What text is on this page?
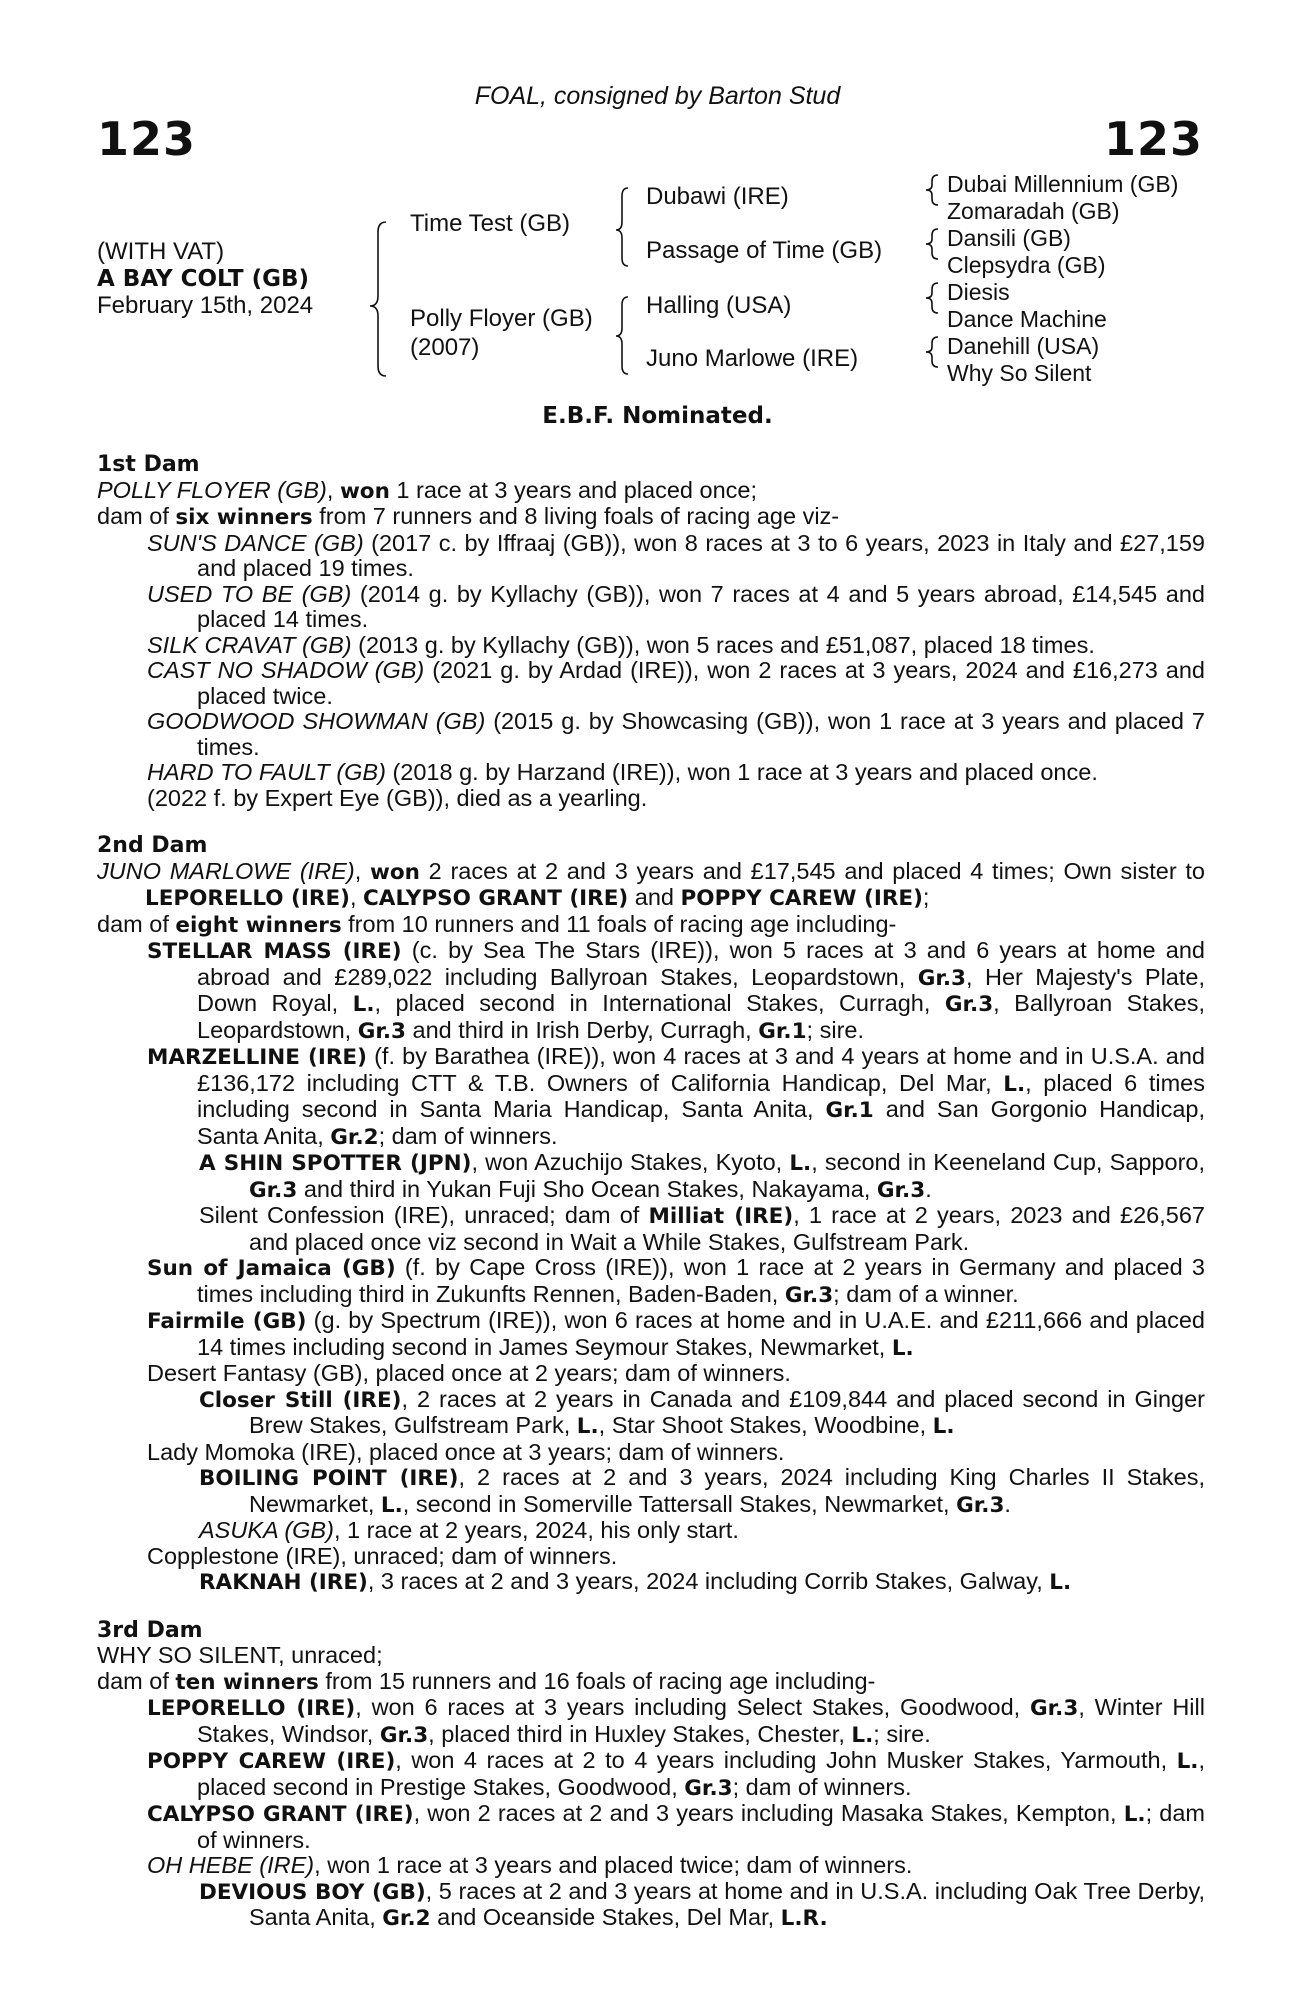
FOAL, consigned by Barton Stud
123	123
(WITH VAT)
A BAY COLT (GB)
February 15th, 2024
Time Test (GB)
Polly Floyer (GB)
(2007)
Dubawi (IRE)
Passage of Time (GB)
Halling (USA)
Juno Marlowe (IRE)
Dubai Millennium (GB)
Zomaradah (GB)
Dansili (GB)
Clepsydra (GB)
Diesis
Dance Machine
Danehill (USA)
Why So Silent
E.B.F. Nominated.
1st Dam
POLLY FLOYER (GB), won 1 race at 3 years and placed once;
dam of six winners from 7 runners and 8 living foals of racing age viz-
SUN'S DANCE (GB) (2017 c. by Iffraaj (GB)), won 8 races at 3 to 6 years, 2023 in Italy and £27,159 and placed 19 times.
USED TO BE (GB) (2014 g. by Kyllachy (GB)), won 7 races at 4 and 5 years abroad, £14,545 and placed 14 times.
SILK CRAVAT (GB) (2013 g. by Kyllachy (GB)), won 5 races and £51,087, placed 18 times.
CAST NO SHADOW (GB) (2021 g. by Ardad (IRE)), won 2 races at 3 years, 2024 and £16,273 and placed twice.
GOODWOOD SHOWMAN (GB) (2015 g. by Showcasing (GB)), won 1 race at 3 years and placed 7 times.
HARD TO FAULT (GB) (2018 g. by Harzand (IRE)), won 1 race at 3 years and placed once.
(2022 f. by Expert Eye (GB)), died as a yearling.
2nd Dam
JUNO MARLOWE (IRE), won 2 races at 2 and 3 years and £17,545 and placed 4 times; Own sister to LEPORELLO (IRE), CALYPSO GRANT (IRE) and POPPY CAREW (IRE);
dam of eight winners from 10 runners and 11 foals of racing age including-
STELLAR MASS (IRE) (c. by Sea The Stars (IRE)), won 5 races at 3 and 6 years at home and abroad and £289,022 including Ballyroan Stakes, Leopardstown, Gr.3, Her Majesty's Plate, Down Royal, L., placed second in International Stakes, Curragh, Gr.3, Ballyroan Stakes, Leopardstown, Gr.3 and third in Irish Derby, Curragh, Gr.1; sire.
MARZELLINE (IRE) (f. by Barathea (IRE)), won 4 races at 3 and 4 years at home and in U.S.A. and £136,172 including CTT & T.B. Owners of California Handicap, Del Mar, L., placed 6 times including second in Santa Maria Handicap, Santa Anita, Gr.1 and San Gorgonio Handicap, Santa Anita, Gr.2; dam of winners.
A SHIN SPOTTER (JPN), won Azuchijo Stakes, Kyoto, L., second in Keeneland Cup, Sapporo, Gr.3 and third in Yukan Fuji Sho Ocean Stakes, Nakayama, Gr.3.
Silent Confession (IRE), unraced; dam of Milliat (IRE), 1 race at 2 years, 2023 and £26,567 and placed once viz second in Wait a While Stakes, Gulfstream Park.
Sun of Jamaica (GB) (f. by Cape Cross (IRE)), won 1 race at 2 years in Germany and placed 3 times including third in Zukunfts Rennen, Baden-Baden, Gr.3; dam of a winner.
Fairmile (GB) (g. by Spectrum (IRE)), won 6 races at home and in U.A.E. and £211,666 and placed 14 times including second in James Seymour Stakes, Newmarket, L.
Desert Fantasy (GB), placed once at 2 years; dam of winners.
Closer Still (IRE), 2 races at 2 years in Canada and £109,844 and placed second in Ginger Brew Stakes, Gulfstream Park, L., Star Shoot Stakes, Woodbine, L.
Lady Momoka (IRE), placed once at 3 years; dam of winners.
BOILING POINT (IRE), 2 races at 2 and 3 years, 2024 including King Charles II Stakes, Newmarket, L., second in Somerville Tattersall Stakes, Newmarket, Gr.3.
ASUKA (GB), 1 race at 2 years, 2024, his only start.
Copplestone (IRE), unraced; dam of winners.
RAKNAH (IRE), 3 races at 2 and 3 years, 2024 including Corrib Stakes, Galway, L.
3rd Dam
WHY SO SILENT, unraced;
dam of ten winners from 15 runners and 16 foals of racing age including-
LEPORELLO (IRE), won 6 races at 3 years including Select Stakes, Goodwood, Gr.3, Winter Hill Stakes, Windsor, Gr.3, placed third in Huxley Stakes, Chester, L.; sire.
POPPY CAREW (IRE), won 4 races at 2 to 4 years including John Musker Stakes, Yarmouth, L., placed second in Prestige Stakes, Goodwood, Gr.3; dam of winners.
CALYPSO GRANT (IRE), won 2 races at 2 and 3 years including Masaka Stakes, Kempton, L.; dam of winners.
OH HEBE (IRE), won 1 race at 3 years and placed twice; dam of winners.
DEVIOUS BOY (GB), 5 races at 2 and 3 years at home and in U.S.A. including Oak Tree Derby, Santa Anita, Gr.2 and Oceanside Stakes, Del Mar, L.R.
